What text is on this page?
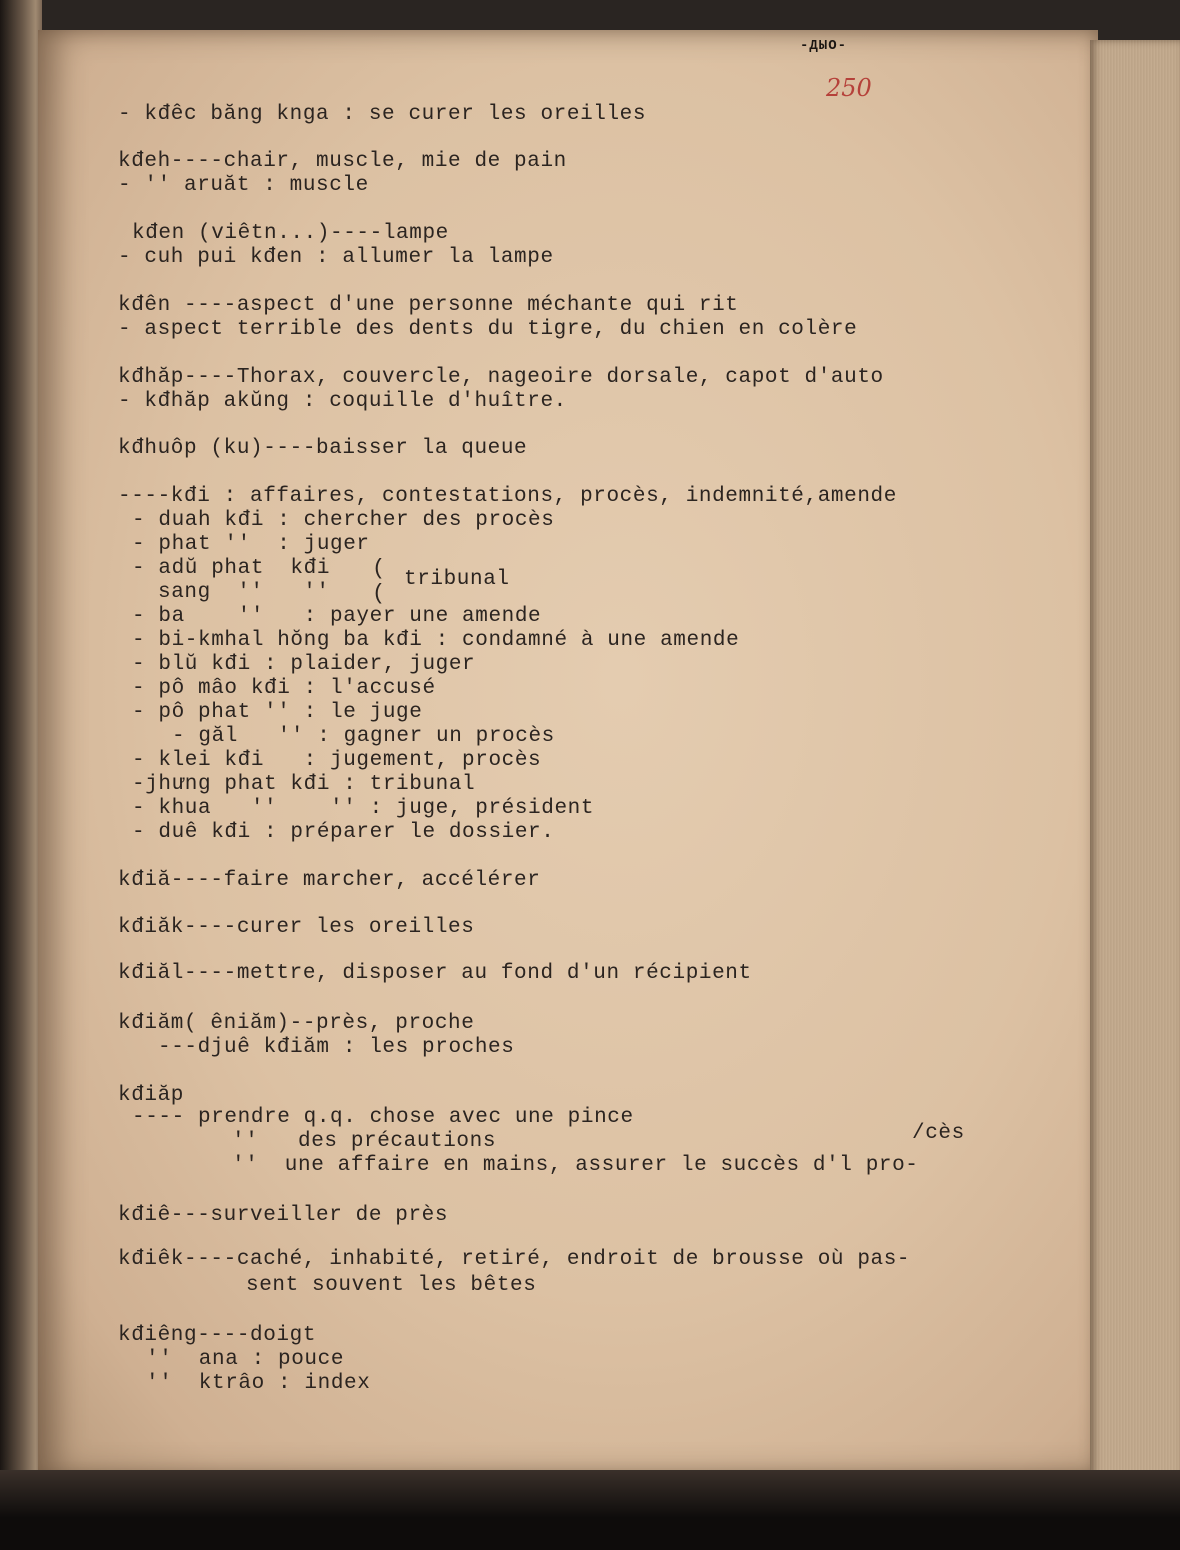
-ДЫО-
250
- kđêc băng knga : se curer les oreilles
kđeh----chair, muscle, mie de pain
- '' aruăt : muscle
kđen (viêtn...)----lampe
- cuh pui kđen : allumer la lampe
kđên ----aspect d'une personne méchante qui rit
- aspect terrible des dents du tigre, du chien en colère
kđhăp----Thorax, couvercle, nageoire dorsale, capot d'auto
- kđhăp akŭng : coquille d'huître.
kđhuôp (ku)----baisser la queue
----kđi : affaires, contestations, procès, indemnité,amende
- duah kđi : chercher des procès
- phat ''  : juger
- adŭ phat  kđi
sang  ''   ''
(
(
tribunal
- ba    ''   : payer une amende
- bi-kmhal hŏng ba kđi : condamné à une amende
- blŭ kđi : plaider, juger
- pô mâo kđi : l'accusé
- pô phat '' : le juge
- găl   '' : gagner un procès
- klei kđi   : jugement, procès
-jhưng phat kđi : tribunal
- khua   ''    '' : juge, président
- duê kđi : préparer le dossier.
kđiă----faire marcher, accélérer
kđiăk----curer les oreilles
kđiăl----mettre, disposer au fond d'un récipient
kđiăm( êniăm)--près, proche
---djuê kđiăm : les proches
kđiăp
---- prendre q.q. chose avec une pince
''   des précautions	/cès
''  une affaire en mains, assurer le succès d'l pro-
kđiê---surveiller de près
kđiêk----caché, inhabité, retiré, endroit de brousse où pas-
sent souvent les bêtes
kđiêng----doigt
''  ana : pouce
''  ktrâo : index
